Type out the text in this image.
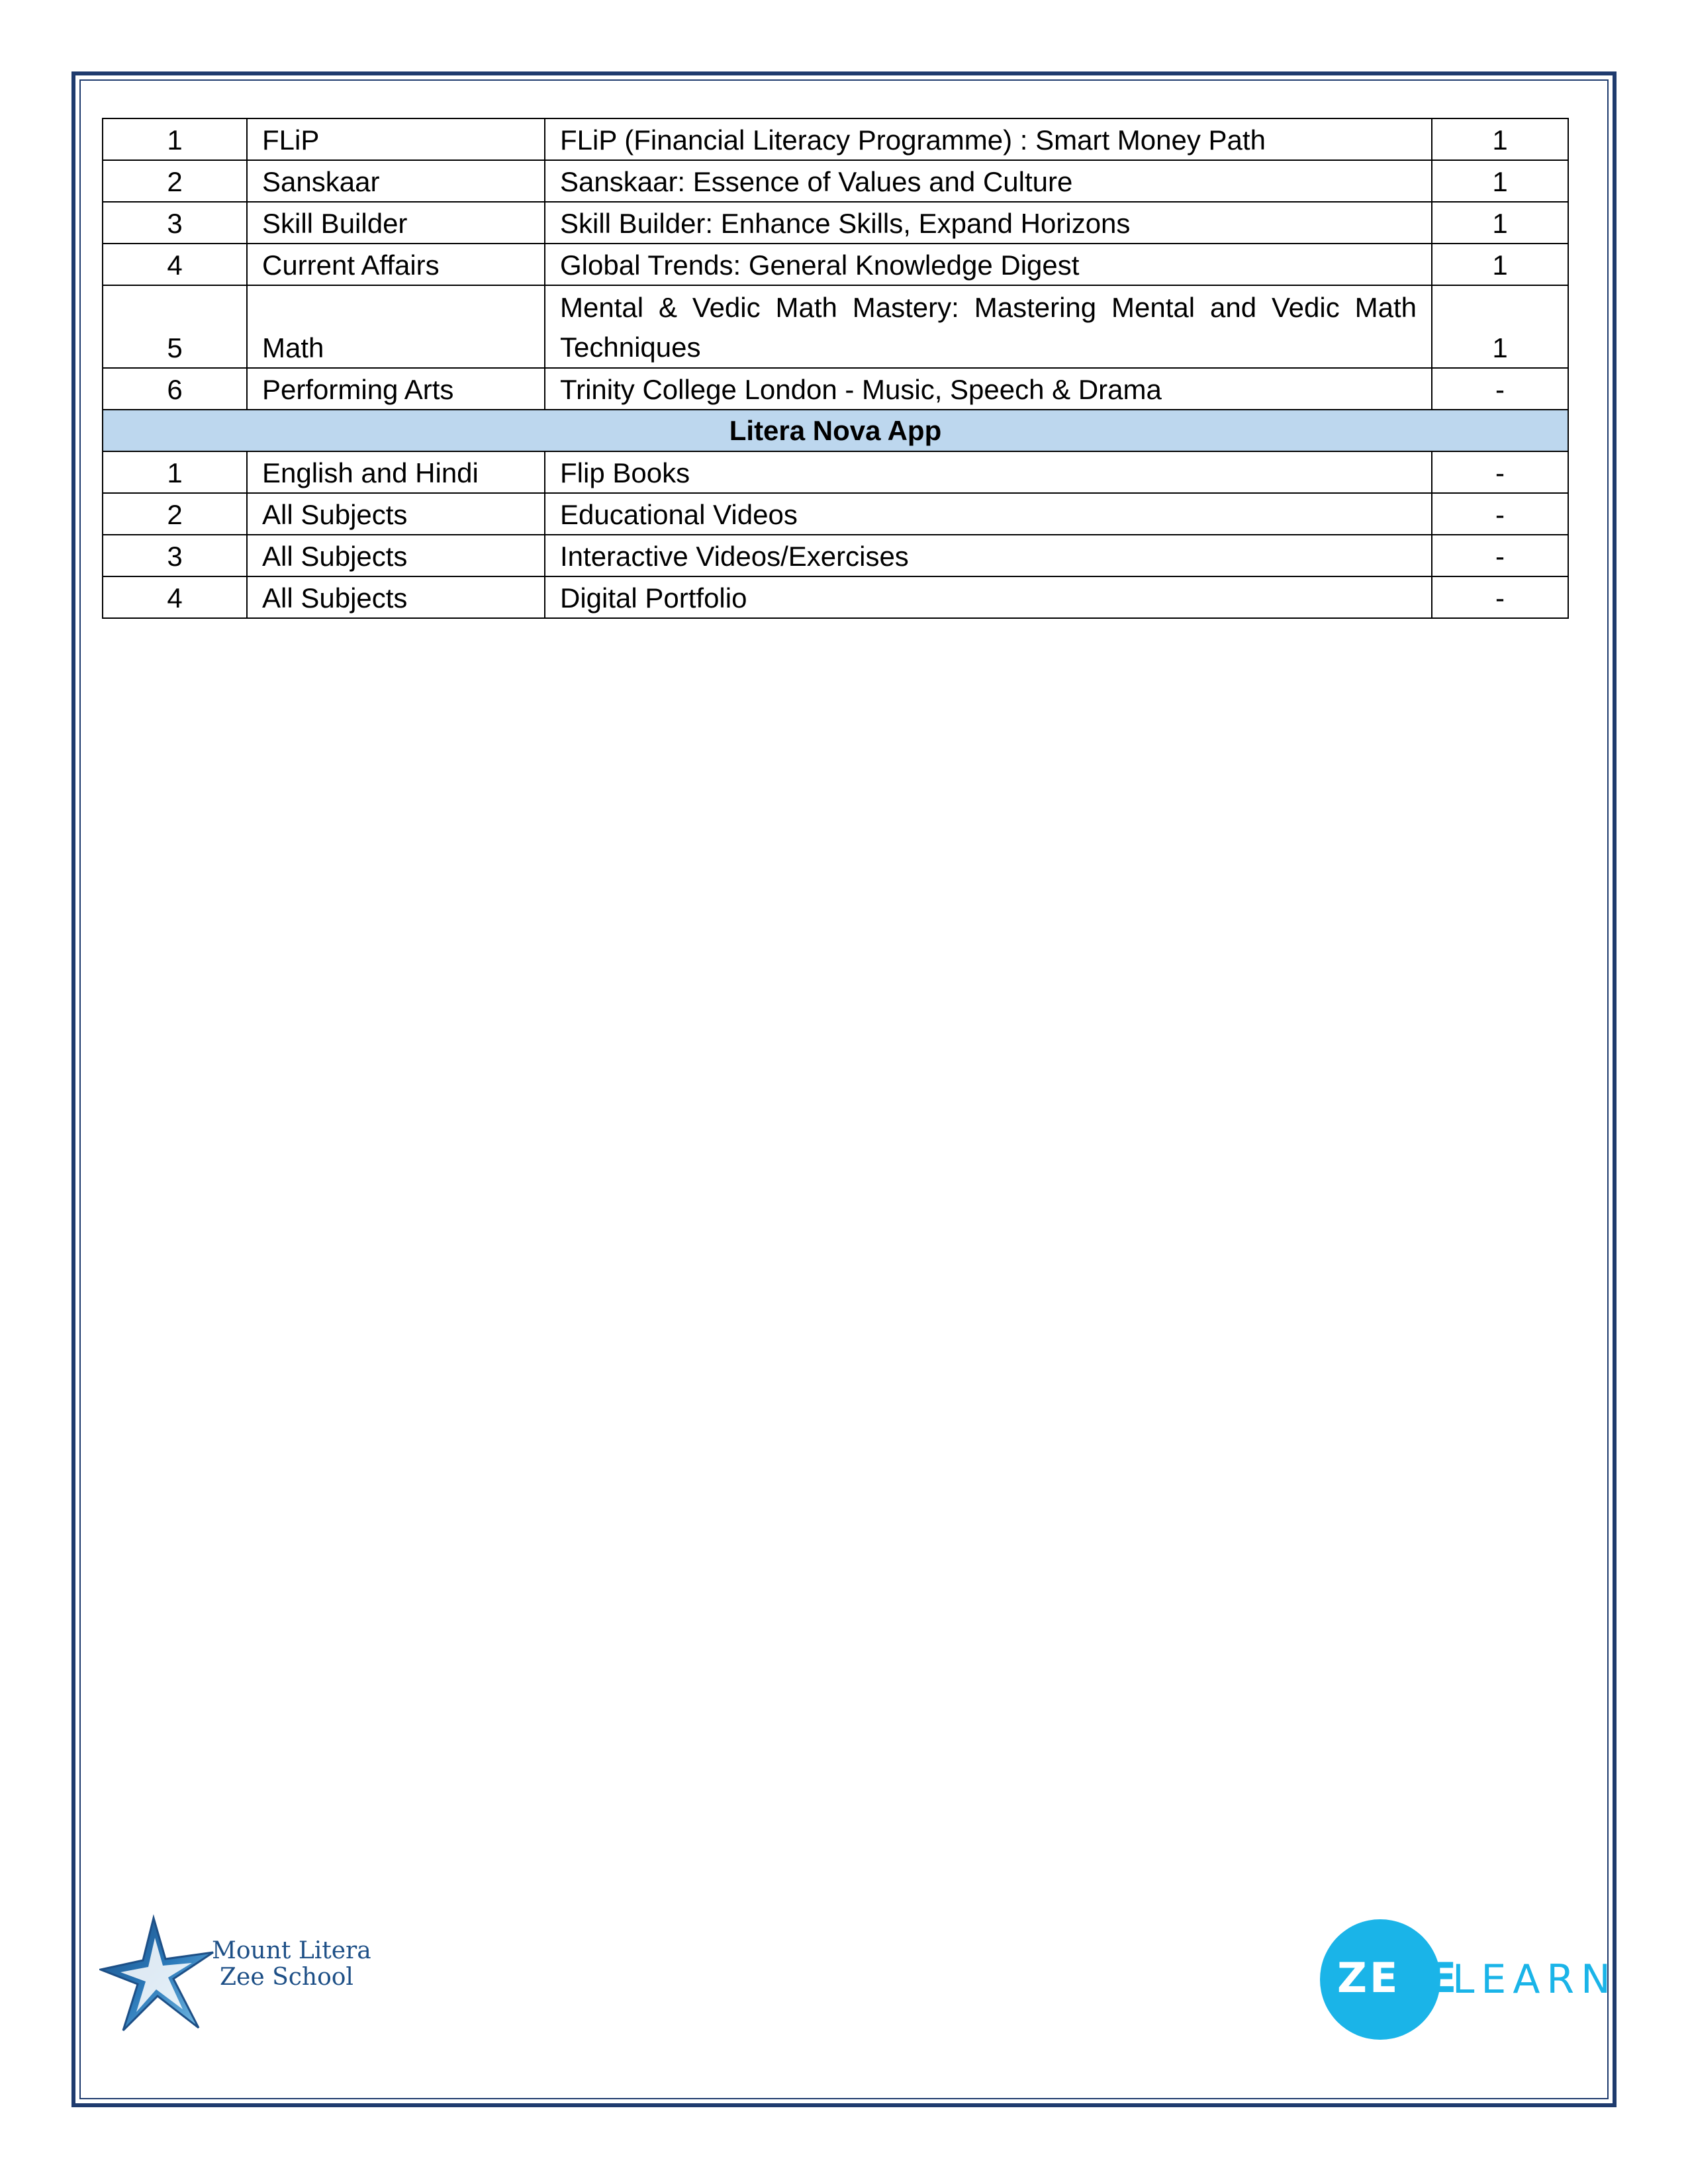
1	FLiP	FLiP (Financial Literacy Programme) : Smart Money Path	1
2	Sanskaar	Sanskaar: Essence of Values and Culture	1
3	Skill Builder	Skill Builder: Enhance Skills, Expand Horizons	1
4	Current Affairs	Global Trends: General Knowledge Digest	1
5	Math	Mental & Vedic Math Mastery: Mastering Mental and Vedic Math Techniques	1
6	Performing Arts	Trinity College London - Music, Speech & Drama	-
Litera Nova App			
1	English and Hindi	Flip Books	-
2	All Subjects	Educational Videos	-
3	All Subjects	Interactive Videos/Exercises	-
4	All Subjects	Digital Portfolio	-
Mount Litera
Zee School	ZE E
LEARN
